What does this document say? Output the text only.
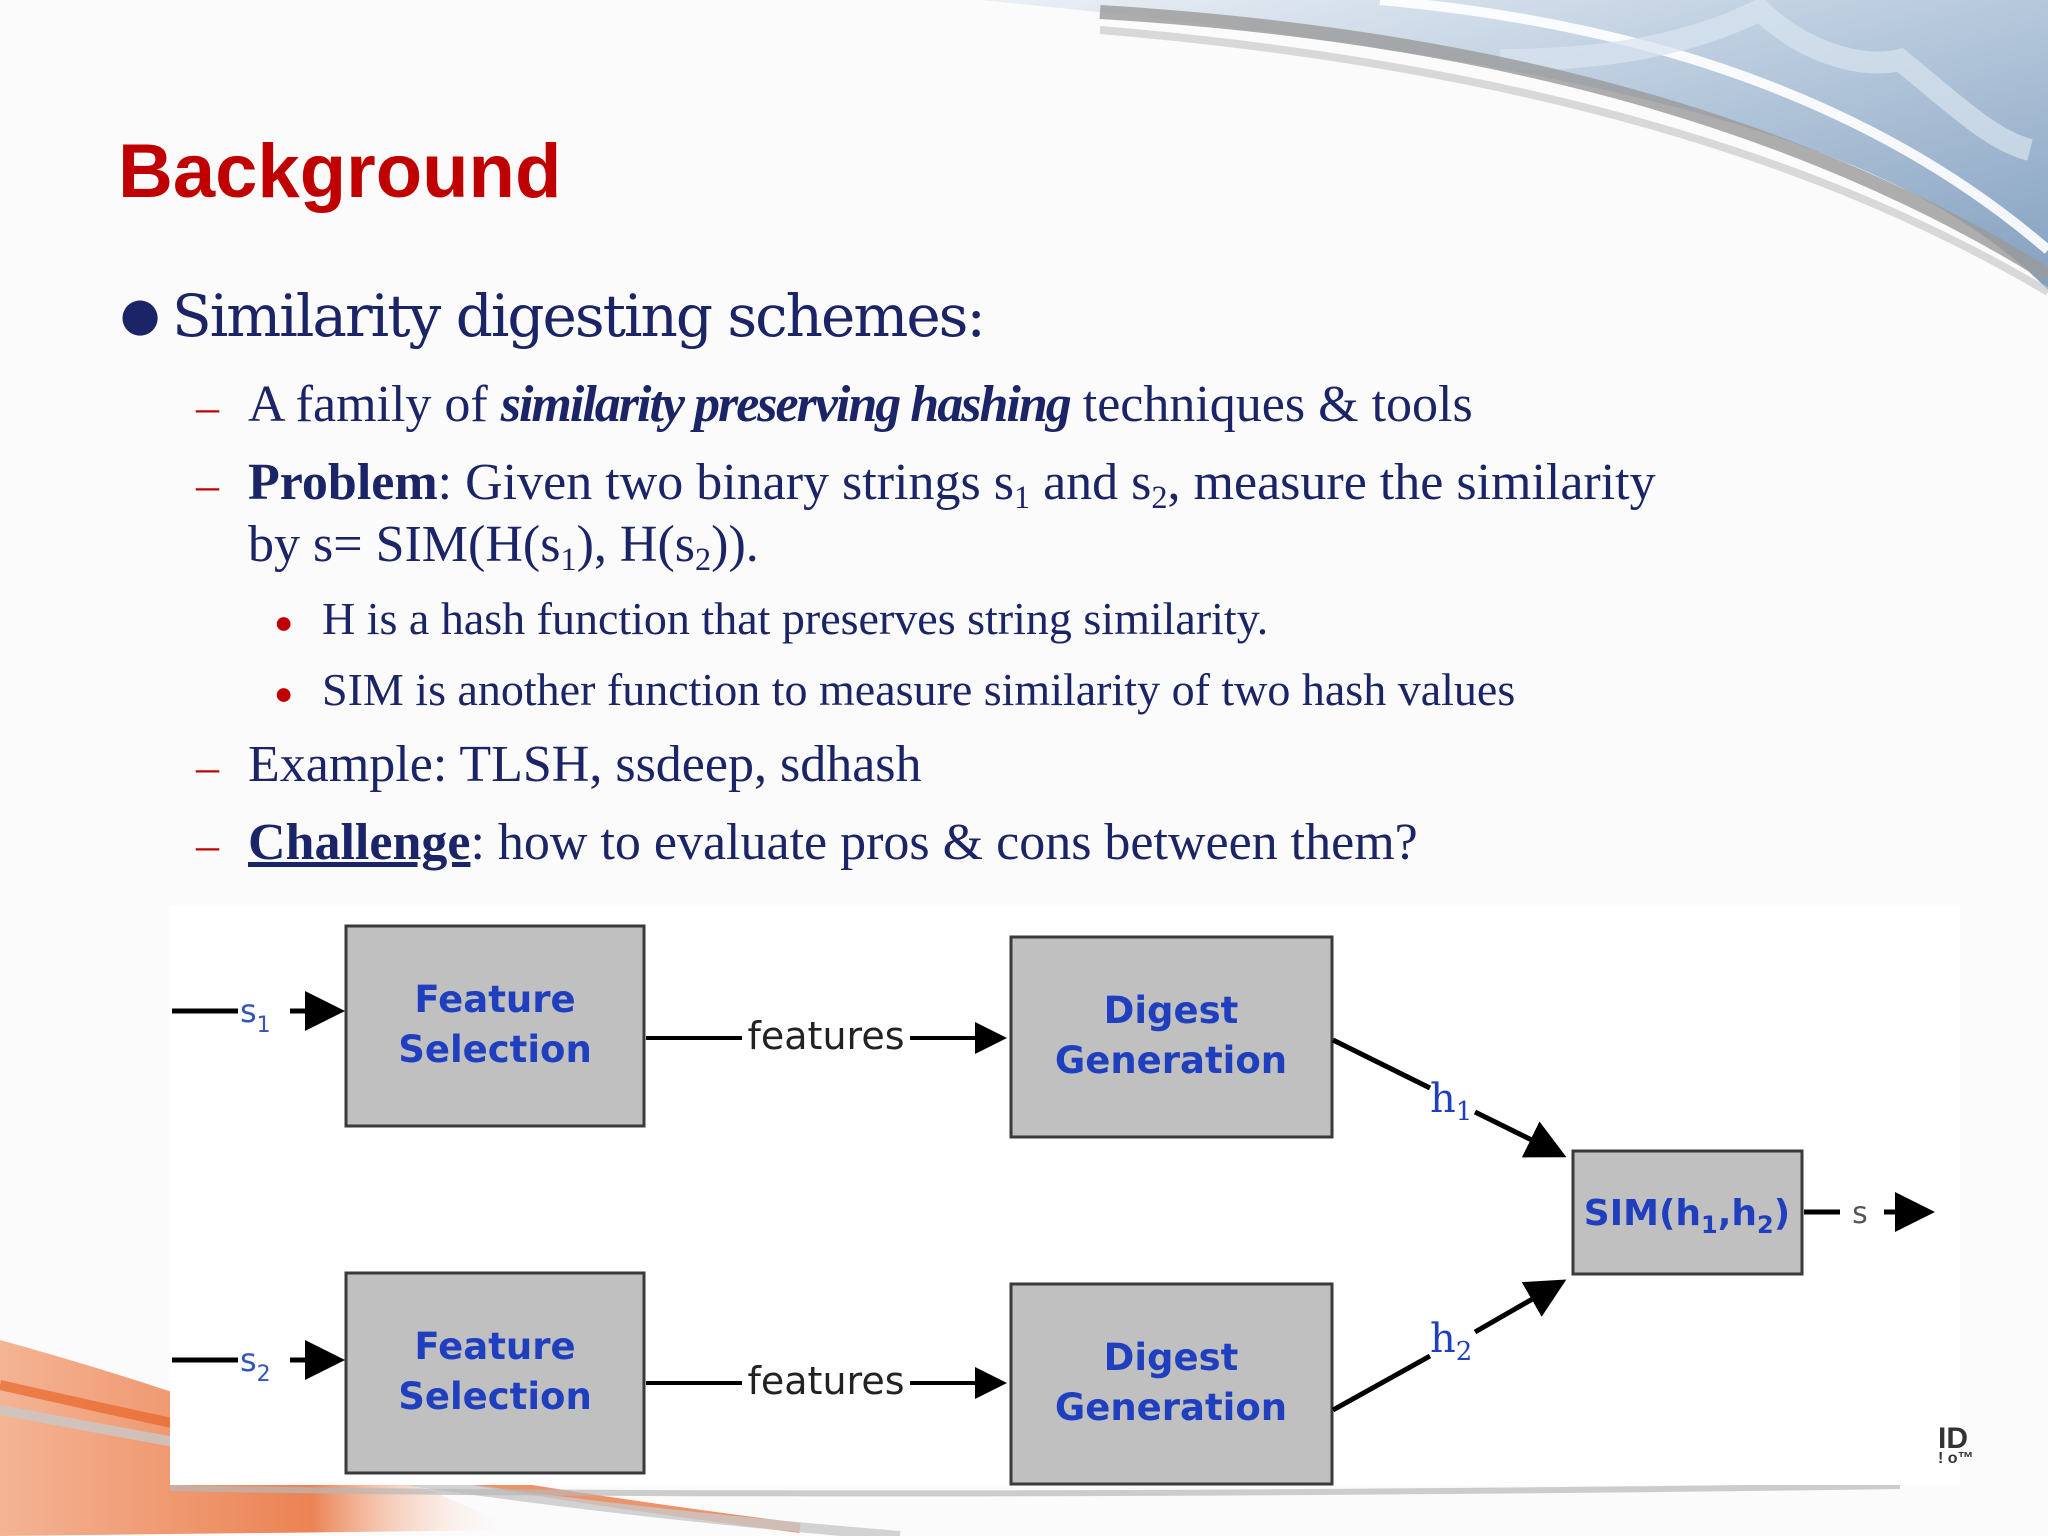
Background
● Similarity digesting schemes:
– A family of similarity preserving hashing techniques & tools
– Problem: Given two binary strings $s_1$ and $s_2$, measure the similarity
by $s= SIM(H(s_1)$, $H(s_2)$).
● H is a hash function that preserves string similarity.
● SIM is another function to measure similarity of two hash values
– Example: TLSH, ssdeep, sdhash
– Challenge: how to evaluate pros & cons between them?
$s_1$
$s_2$
Feature
Selection
Feature
Selection
Digest
Generation
Digest
Generation
features
features
$h_1$
$h_2$
$SIM(h_1,h_2)$ s
ID
! o™
